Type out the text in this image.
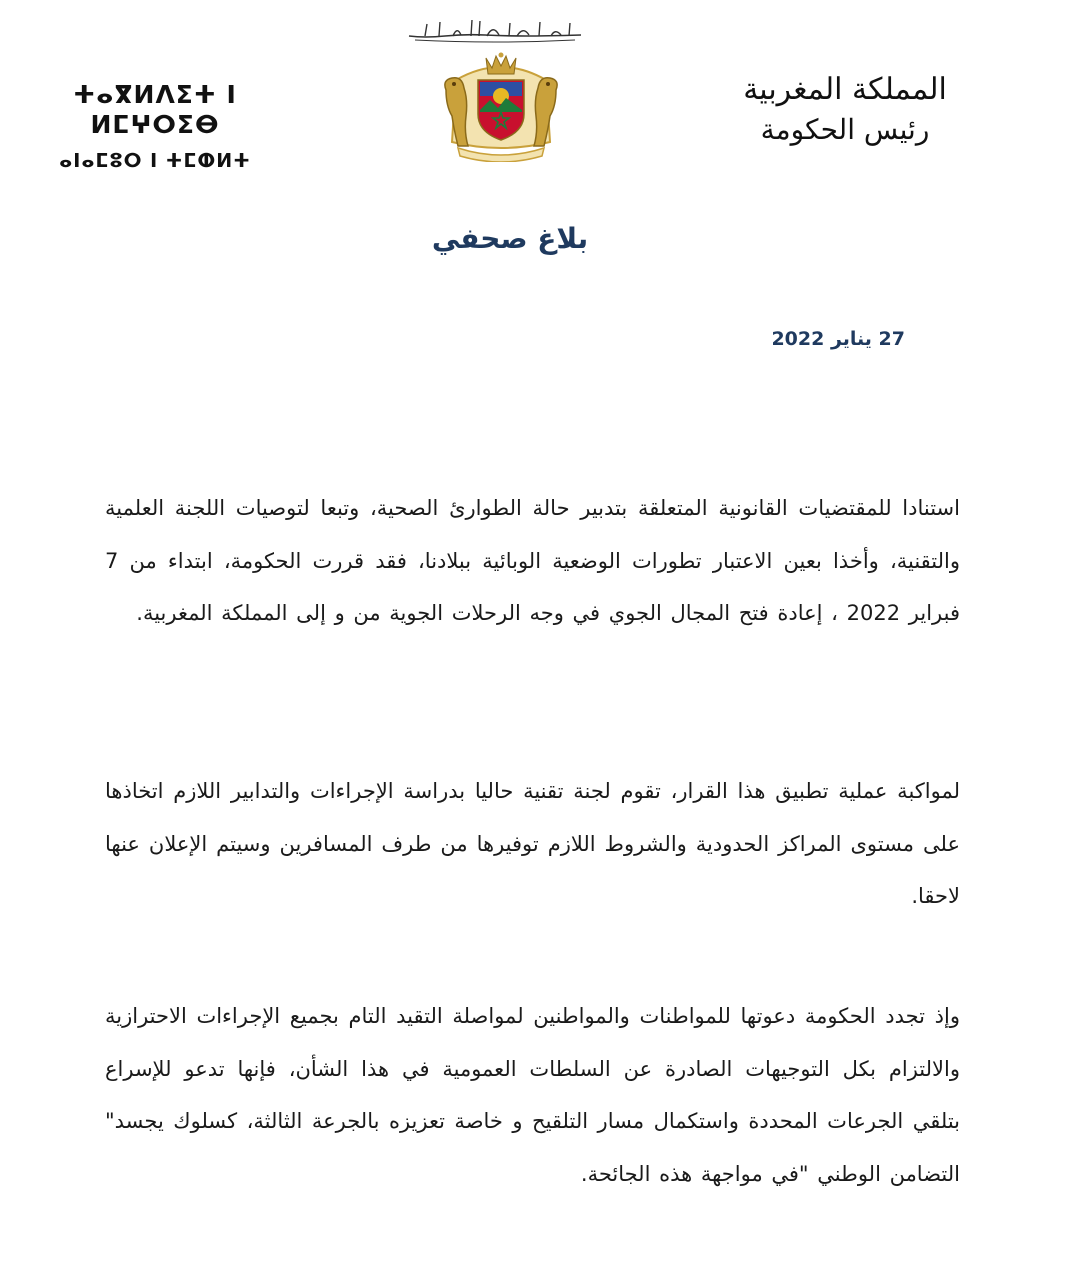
ⵜⴰⴳⵍⴷⵉⵜ ⵏ ⵍⵎⵖⵔⵉⴱ
ⴰⵏⴰⵎⵓⵔ ⵏ ⵜⵎⵀⵍⵜ
المملكة المغربية
رئيس الحكومة
بلاغ صحفي
27 يناير 2022
استنادا للمقتضيات القانونية المتعلقة بتدبير حالة الطوارئ الصحية، وتبعا لتوصيات اللجنة العلمية والتقنية، وأخذا بعين الاعتبار تطورات الوضعية الوبائية ببلادنا، فقد قررت الحكومة، ابتداء من 7 فبراير 2022 ، إعادة فتح المجال الجوي في وجه الرحلات الجوية من و إلى المملكة المغربية.
لمواكبة عملية تطبيق هذا القرار، تقوم لجنة تقنية حاليا بدراسة الإجراءات والتدابير اللازم اتخاذها على مستوى المراكز الحدودية والشروط اللازم توفيرها من طرف المسافرين وسيتم الإعلان عنها لاحقا.
وإذ تجدد الحكومة دعوتها للمواطنات والمواطنين لمواصلة التقيد التام بجميع الإجراءات الاحترازية والالتزام بكل التوجيهات الصادرة عن السلطات العمومية في هذا الشأن، فإنها تدعو للإسراع بتلقي الجرعات المحددة واستكمال مسار التلقيح و خاصة تعزيزه بالجرعة الثالثة، كسلوك يجسد" التضامن الوطني "في مواجهة هذه الجائحة.
